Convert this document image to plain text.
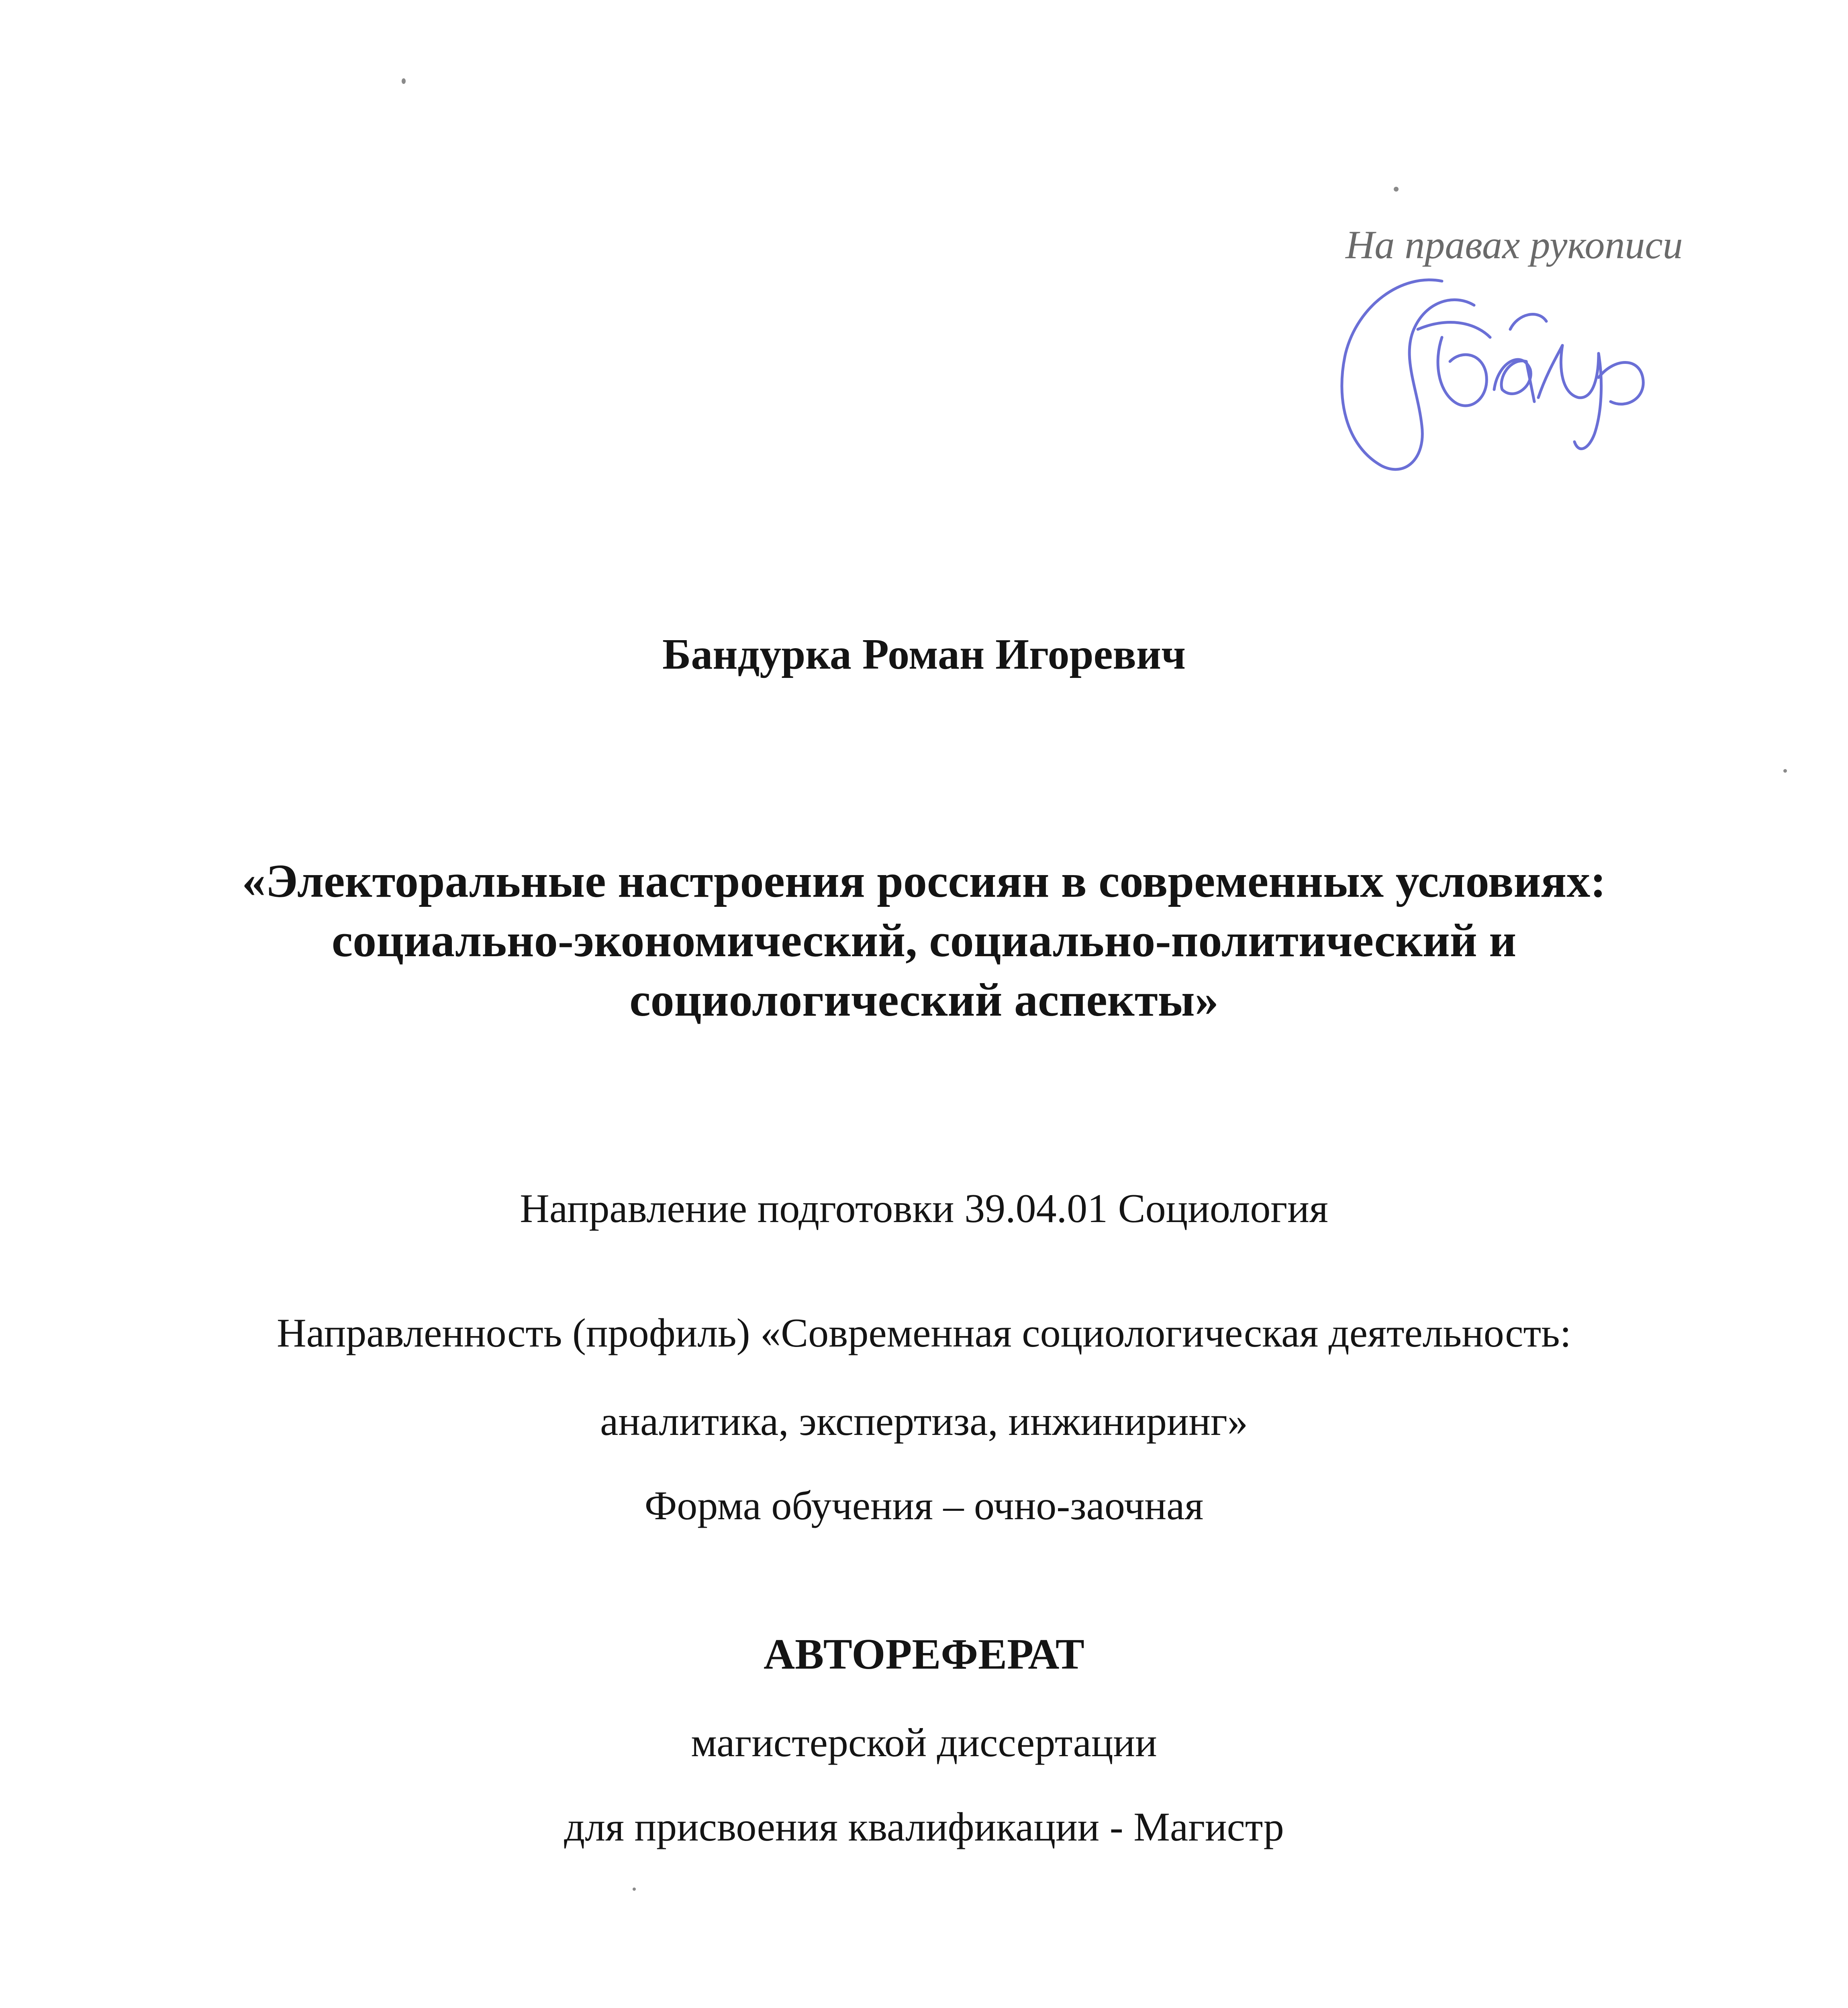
На правах рукописи
Бандурка Роман Игоревич
«Электоральные настроения россиян в современных условиях:
социально-экономический, социально-политический и
социологический аспекты»
Направление подготовки 39.04.01 Социология
Направленность (профиль) «Современная социологическая деятельность:
аналитика, экспертиза, инжиниринг»
Форма обучения – очно-заочная
АВТОРЕФЕРАТ
магистерской диссертации
для присвоения квалификации - Магистр
